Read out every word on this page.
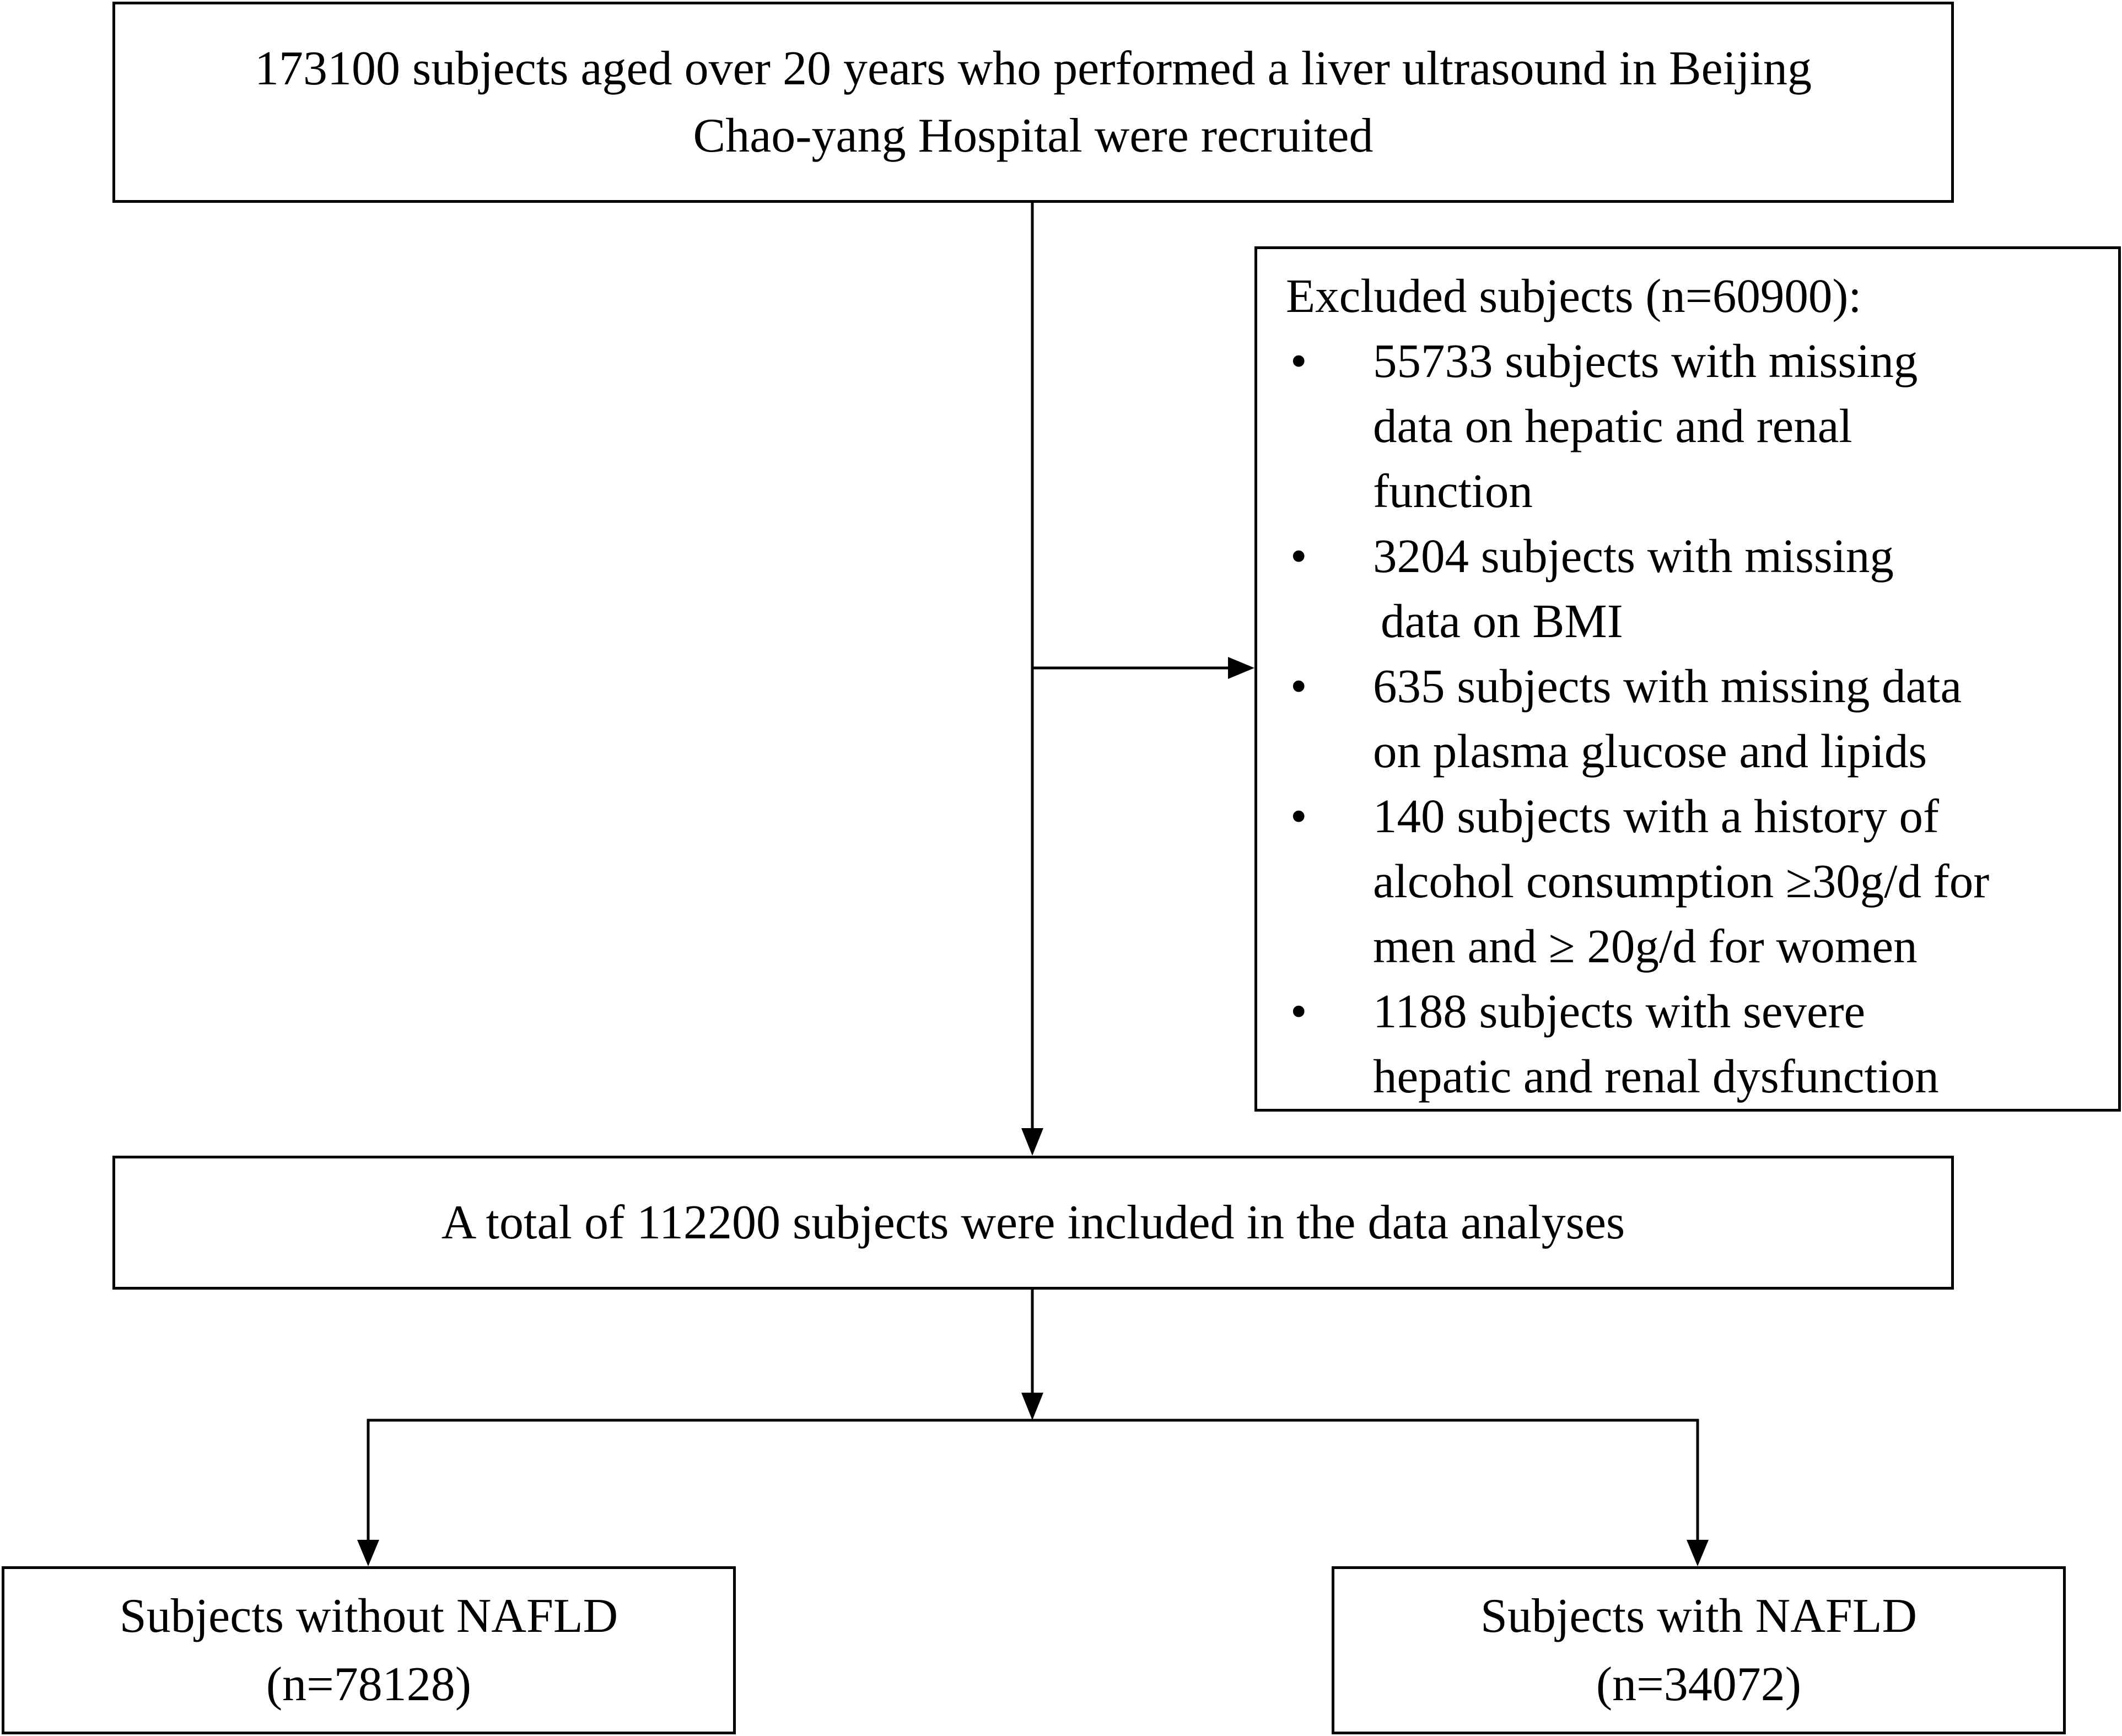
173100 subjects aged over 20 years who performed a liver ultrasound in Beijing
Chao-yang Hospital were recruited
Excluded subjects (n=60900):
• 55733 subjects with missing
data on hepatic and renal
function
• 3204 subjects with missing
data on BMI
• 635 subjects with missing data
on plasma glucose and lipids
• 140 subjects with a history of
alcohol consumption ≥30g/d for
men and ≥ 20g/d for women
• 1188 subjects with severe
hepatic and renal dysfunction
A total of 112200 subjects were included in the data analyses
Subjects without NAFLD
(n=78128)
Subjects with NAFLD
(n=34072)
